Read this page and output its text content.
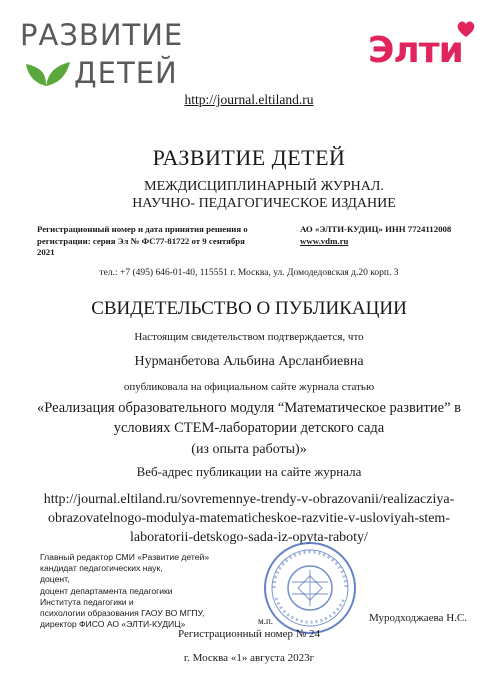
РАЗВИТИЕ
ДЕТЕЙ
Элти
http://journal.eltiland.ru
РАЗВИТИЕ ДЕТЕЙ
МЕЖДИСЦИПЛИНАРНЫЙ ЖУРНАЛ.
НАУЧНО- ПЕДАГОГИЧЕСКОЕ ИЗДАНИЕ
Регистрационный номер и дата принятия решения о регистрации: серия Эл № ФС77-81722 от 9 сентября 2021
АО «ЭЛТИ-КУДИЦ» ИНН 7724112008
www.vdm.ru
тел.: +7 (495) 646-01-40, 115551 г. Москва, ул. Домодедовская д.20 корп. 3
СВИДЕТЕЛЬСТВО О ПУБЛИКАЦИИ
Настоящим свидетельством подтверждается, что
Нурманбетова Альбина Арсланбиевна
опубликовала на официальном сайте журнала статью
«Реализация образовательного модуля “Математическое развитие” в условиях СТЕМ-лаборатории детского сада
(из опыта работы)»
Веб-адрес публикации на сайте журнала
http://journal.eltiland.ru/sovremennye-trendy-v-obrazovanii/realizacziya-obrazovatelnogo-modulya-matematicheskoe-razvitie-v-usloviyah-stem-laboratorii-detskogo-sada-iz-opyta-raboty/
Главный редактор СМИ «Развитие детей»
кандидат педагогических наук,
доцент,
доцент департамента педагогики
Института педагогики и
психологии образования ГАОУ ВО МГПУ,
директор ФИСО АО «ЭЛТИ-КУДИЦ»	м.п.	Муродходжаева Н.С.
Регистрационный номер № 24
г. Москва «1» августа 2023г
